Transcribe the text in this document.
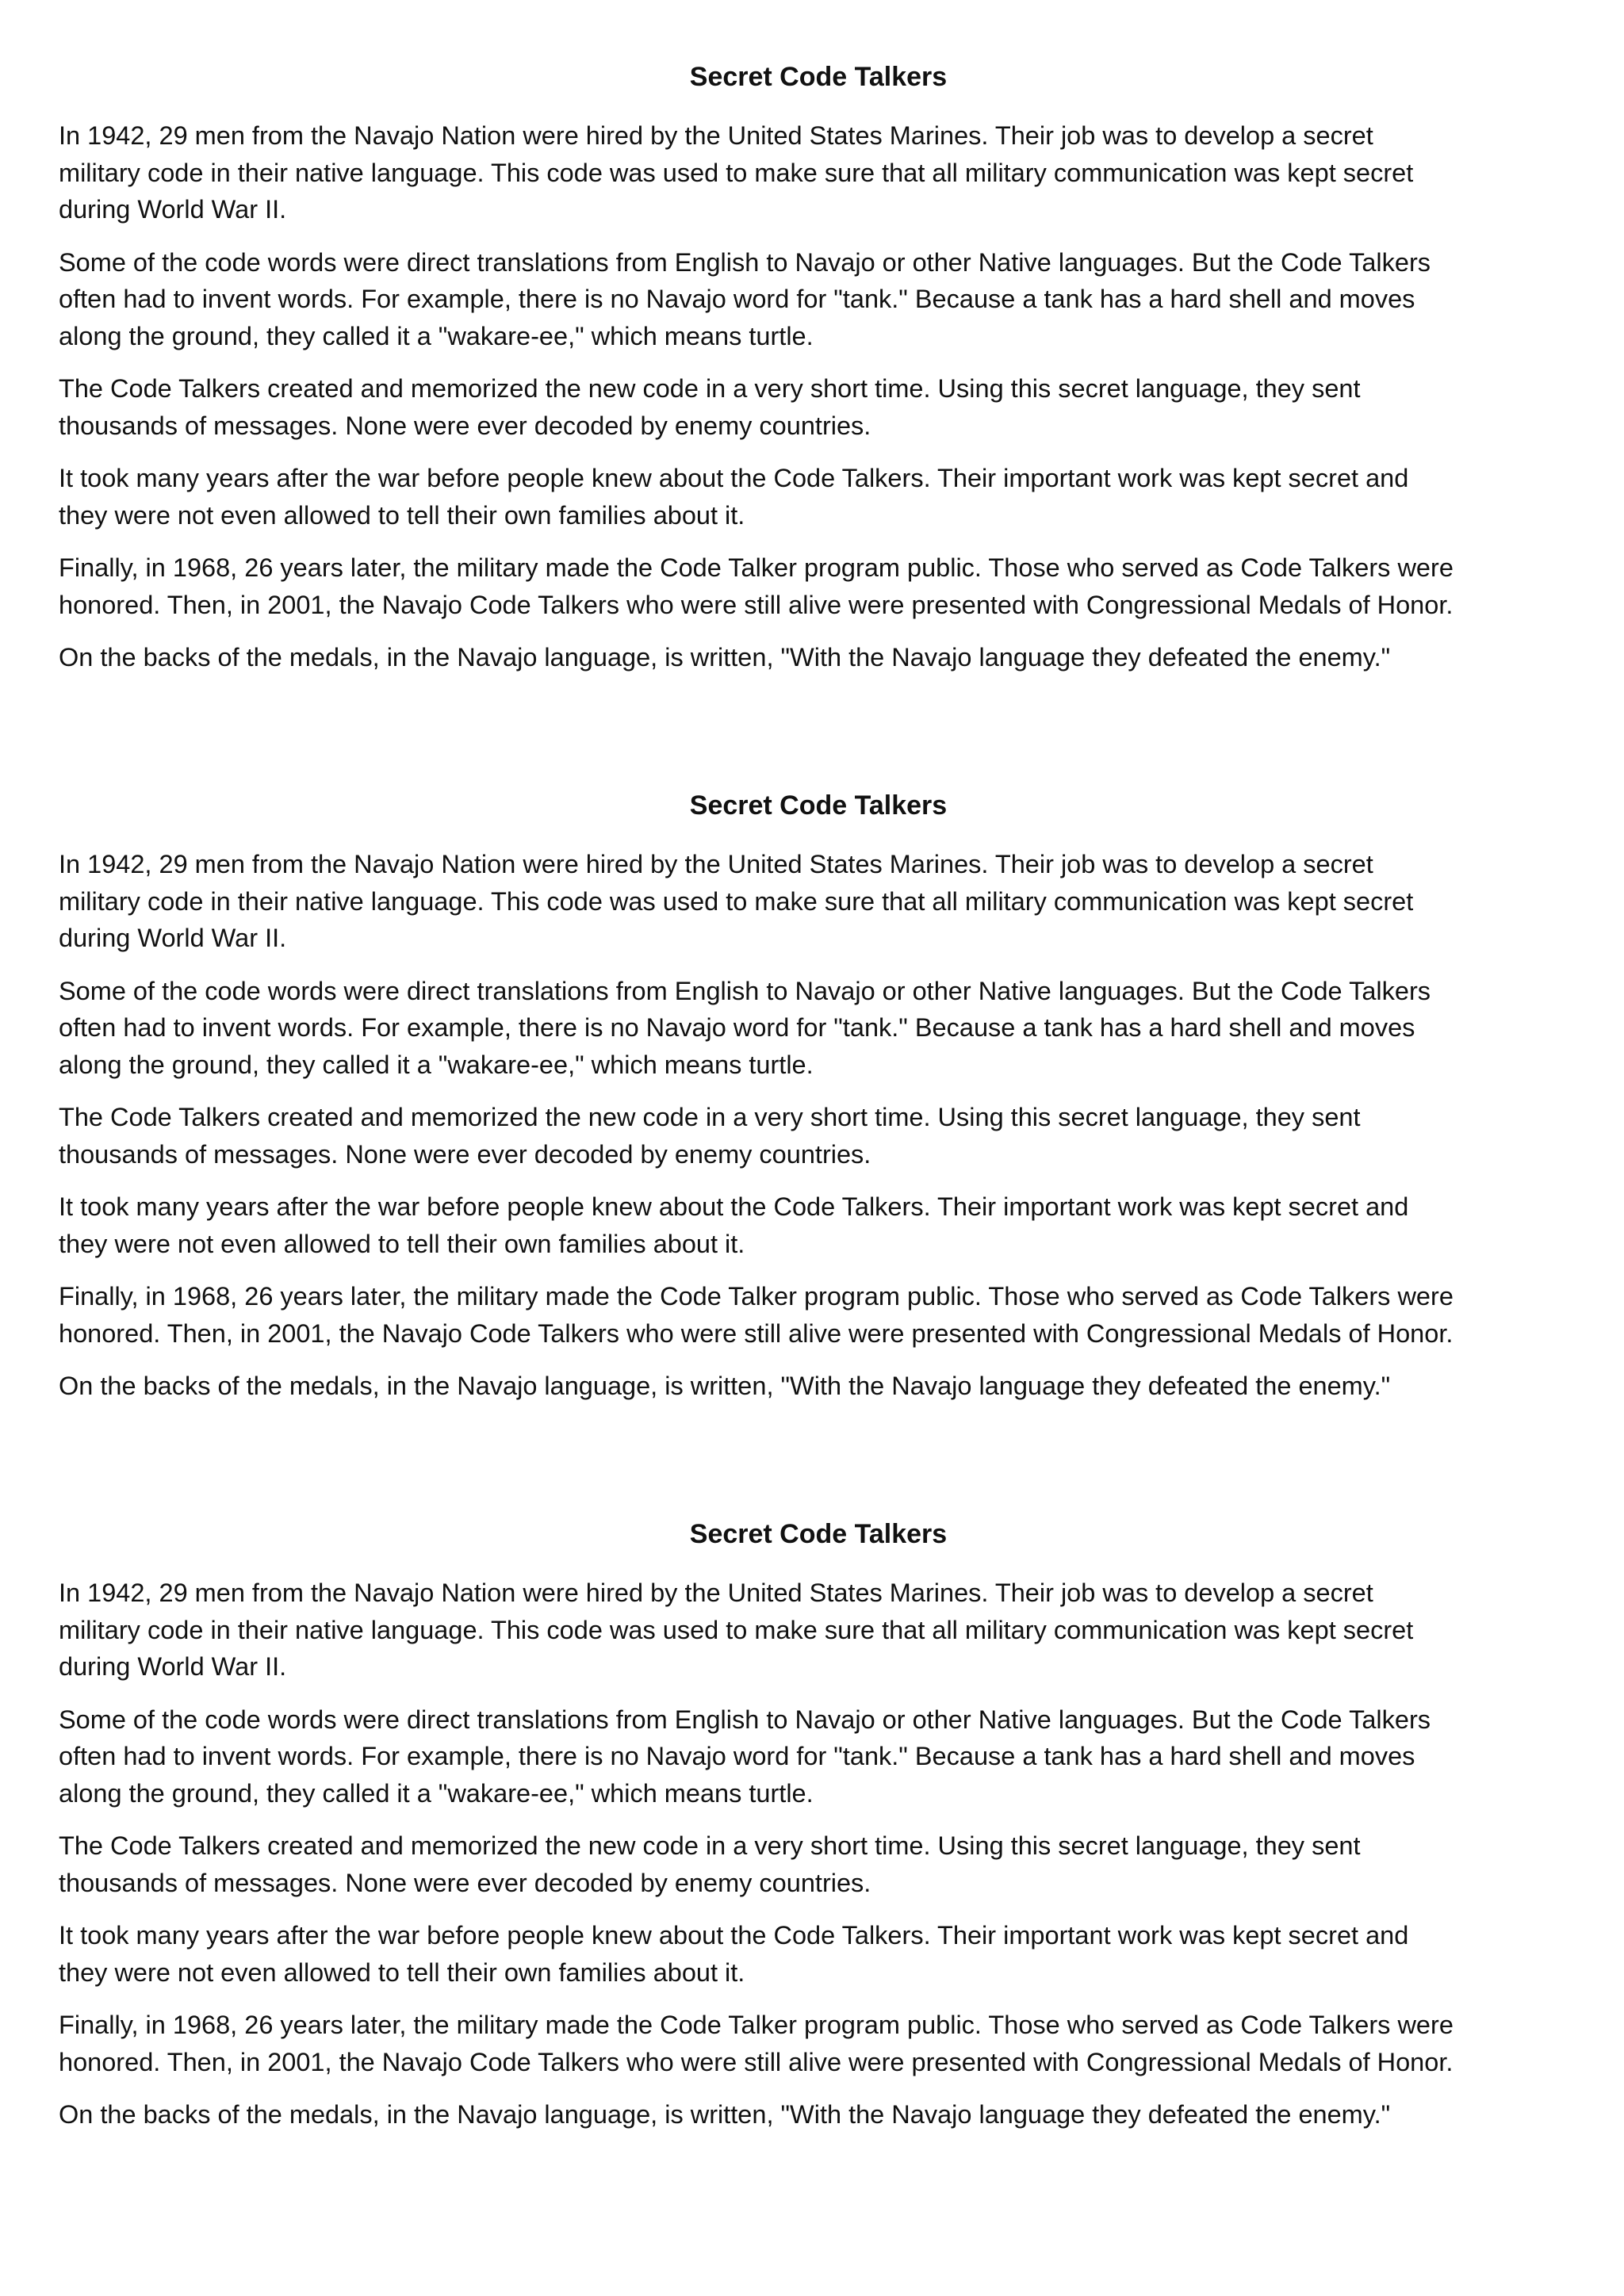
Secret Code Talkers

In 1942, 29 men from the Navajo Nation were hired by the United States Marines. Their job was to develop a secret
military code in their native language. This code was used to make sure that all military communication was kept secret
during World War II.

Some of the code words were direct translations from English to Navajo or other Native languages. But the Code Talkers
often had to invent words. For example, there is no Navajo word for "tank." Because a tank has a hard shell and moves
along the ground, they called it a "wakare-ee," which means turtle.

The Code Talkers created and memorized the new code in a very short time. Using this secret language, they sent
thousands of messages. None were ever decoded by enemy countries.

It took many years after the war before people knew about the Code Talkers. Their important work was kept secret and
they were not even allowed to tell their own families about it.

Finally, in 1968, 26 years later, the military made the Code Talker program public. Those who served as Code Talkers were
honored. Then, in 2001, the Navajo Code Talkers who were still alive were presented with Congressional Medals of Honor.

On the backs of the medals, in the Navajo language, is written, "With the Navajo language they defeated the enemy."

Secret Code Talkers

In 1942, 29 men from the Navajo Nation were hired by the United States Marines. Their job was to develop a secret
military code in their native language. This code was used to make sure that all military communication was kept secret
during World War II.

Some of the code words were direct translations from English to Navajo or other Native languages. But the Code Talkers
often had to invent words. For example, there is no Navajo word for "tank." Because a tank has a hard shell and moves
along the ground, they called it a "wakare-ee," which means turtle.

The Code Talkers created and memorized the new code in a very short time. Using this secret language, they sent
thousands of messages. None were ever decoded by enemy countries.

It took many years after the war before people knew about the Code Talkers. Their important work was kept secret and
they were not even allowed to tell their own families about it.

Finally, in 1968, 26 years later, the military made the Code Talker program public. Those who served as Code Talkers were
honored. Then, in 2001, the Navajo Code Talkers who were still alive were presented with Congressional Medals of Honor.

On the backs of the medals, in the Navajo language, is written, "With the Navajo language they defeated the enemy."

Secret Code Talkers

In 1942, 29 men from the Navajo Nation were hired by the United States Marines. Their job was to develop a secret
military code in their native language. This code was used to make sure that all military communication was kept secret
during World War II.

Some of the code words were direct translations from English to Navajo or other Native languages. But the Code Talkers
often had to invent words. For example, there is no Navajo word for "tank." Because a tank has a hard shell and moves
along the ground, they called it a "wakare-ee," which means turtle.

The Code Talkers created and memorized the new code in a very short time. Using this secret language, they sent
thousands of messages. None were ever decoded by enemy countries.

It took many years after the war before people knew about the Code Talkers. Their important work was kept secret and
they were not even allowed to tell their own families about it.

Finally, in 1968, 26 years later, the military made the Code Talker program public. Those who served as Code Talkers were
honored. Then, in 2001, the Navajo Code Talkers who were still alive were presented with Congressional Medals of Honor.

On the backs of the medals, in the Navajo language, is written, "With the Navajo language they defeated the enemy."
